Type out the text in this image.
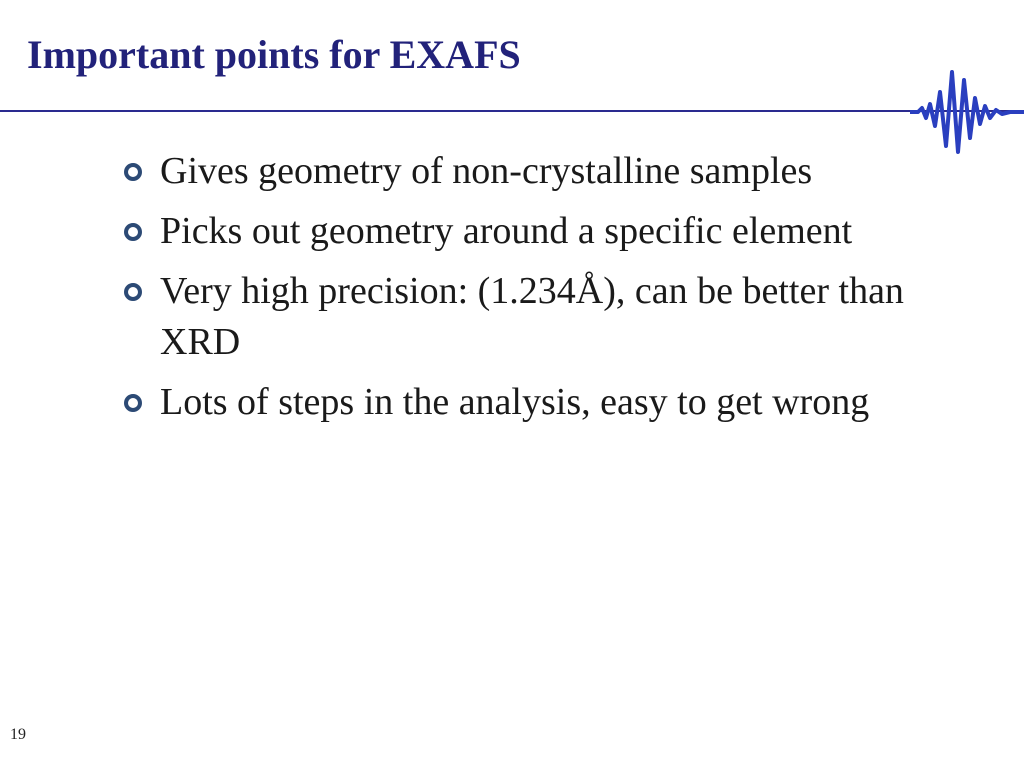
Important points for EXAFS
Gives geometry of non-crystalline samples
Picks out geometry around a specific element
Very high precision: (1.234Å), can be better than XRD
Lots of steps in the analysis, easy to get wrong
19
